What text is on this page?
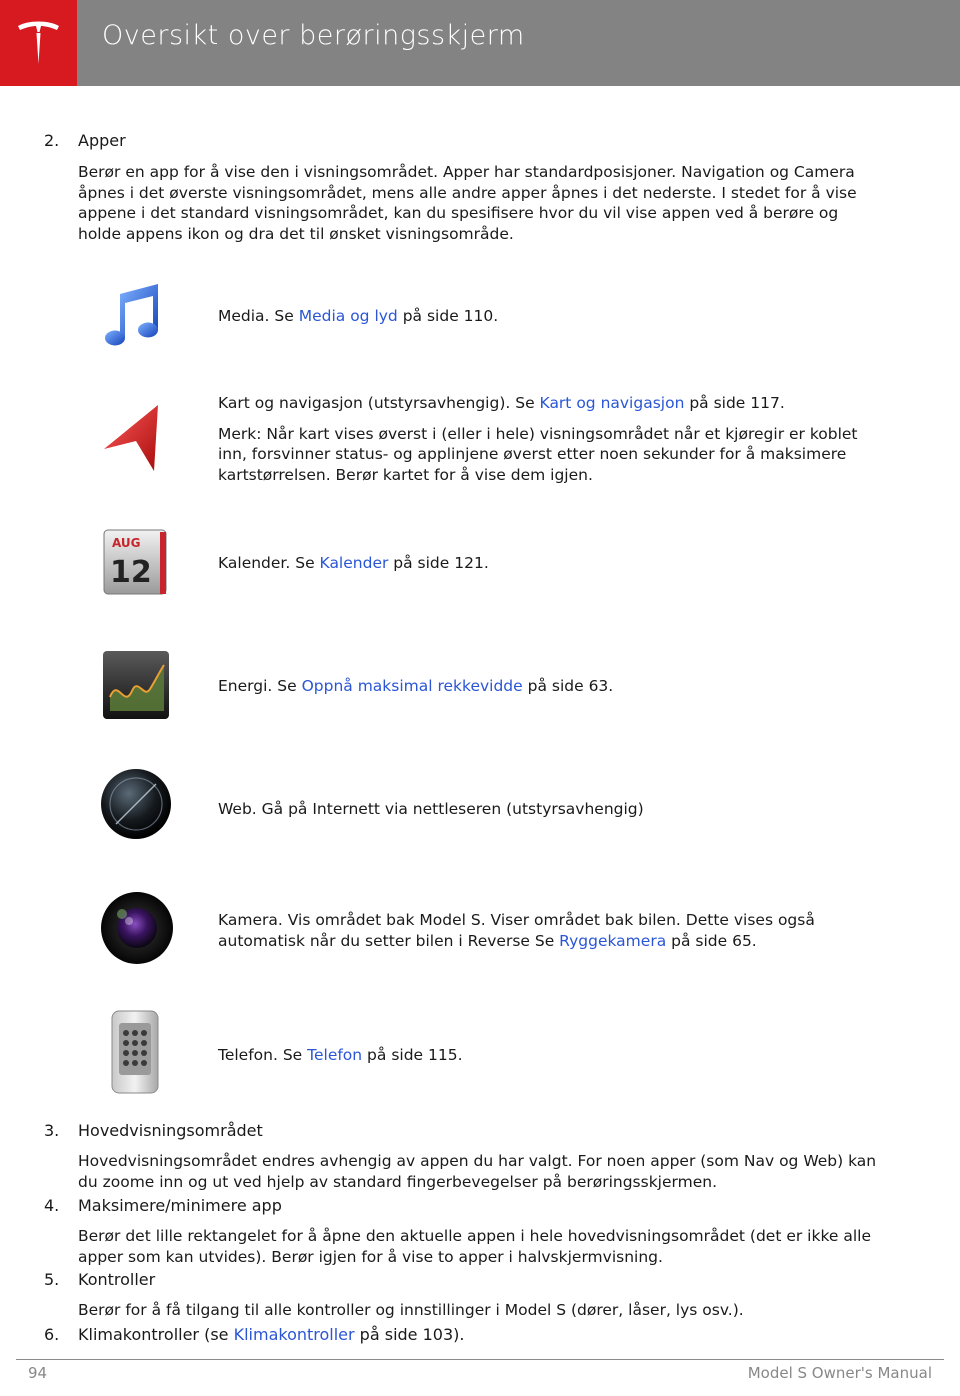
Oversikt over berøringsskjerm
2. Apper

Berør en app for å vise den i visningsområdet. Apper har standardposisjoner. Navigation og Camera åpnes i det øverste visningsområdet, mens alle andre apper åpnes i det nederste. I stedet for å vise appene i det standard visningsområdet, kan du spesifisere hvor du vil vise appen ved å berøre og holde appens ikon og dra det til ønsket visningsområde.

Media. Se Media og lyd på side 110.

Kart og navigasjon (utstyrsavhengig). Se Kart og navigasjon på side 117.

Merk: Når kart vises øverst i (eller i hele) visningsområdet når et kjøregir er koblet inn, forsvinner status- og applinjene øverst etter noen sekunder for å maksimere kartstørrelsen. Berør kartet for å vise dem igjen.

AUG
12	Kalender. Se Kalender på side 121.

Energi. Se Oppnå maksimal rekkevidde på side 63.

Web. Gå på Internett via nettleseren (utstyrsavhengig)

Kamera. Vis området bak Model S. Viser området bak bilen. Dette vises også automatisk når du setter bilen i Reverse Se Ryggekamera på side 65.

Telefon. Se Telefon på side 115.

3. Hovedvisningsområdet

Hovedvisningsområdet endres avhengig av appen du har valgt. For noen apper (som Nav og Web) kan du zoome inn og ut ved hjelp av standard fingerbevegelser på berøringsskjermen.

4. Maksimere/minimere app

Berør det lille rektangelet for å åpne den aktuelle appen i hele hovedvisningsområdet (det er ikke alle apper som kan utvides). Berør igjen for å vise to apper i halvskjermvisning.

5. Kontroller

Berør for å få tilgang til alle kontroller og innstillinger i Model S (dører, låser, lys osv.).

6. Klimakontroller (se Klimakontroller på side 103).
94	Model S Owner's Manual
